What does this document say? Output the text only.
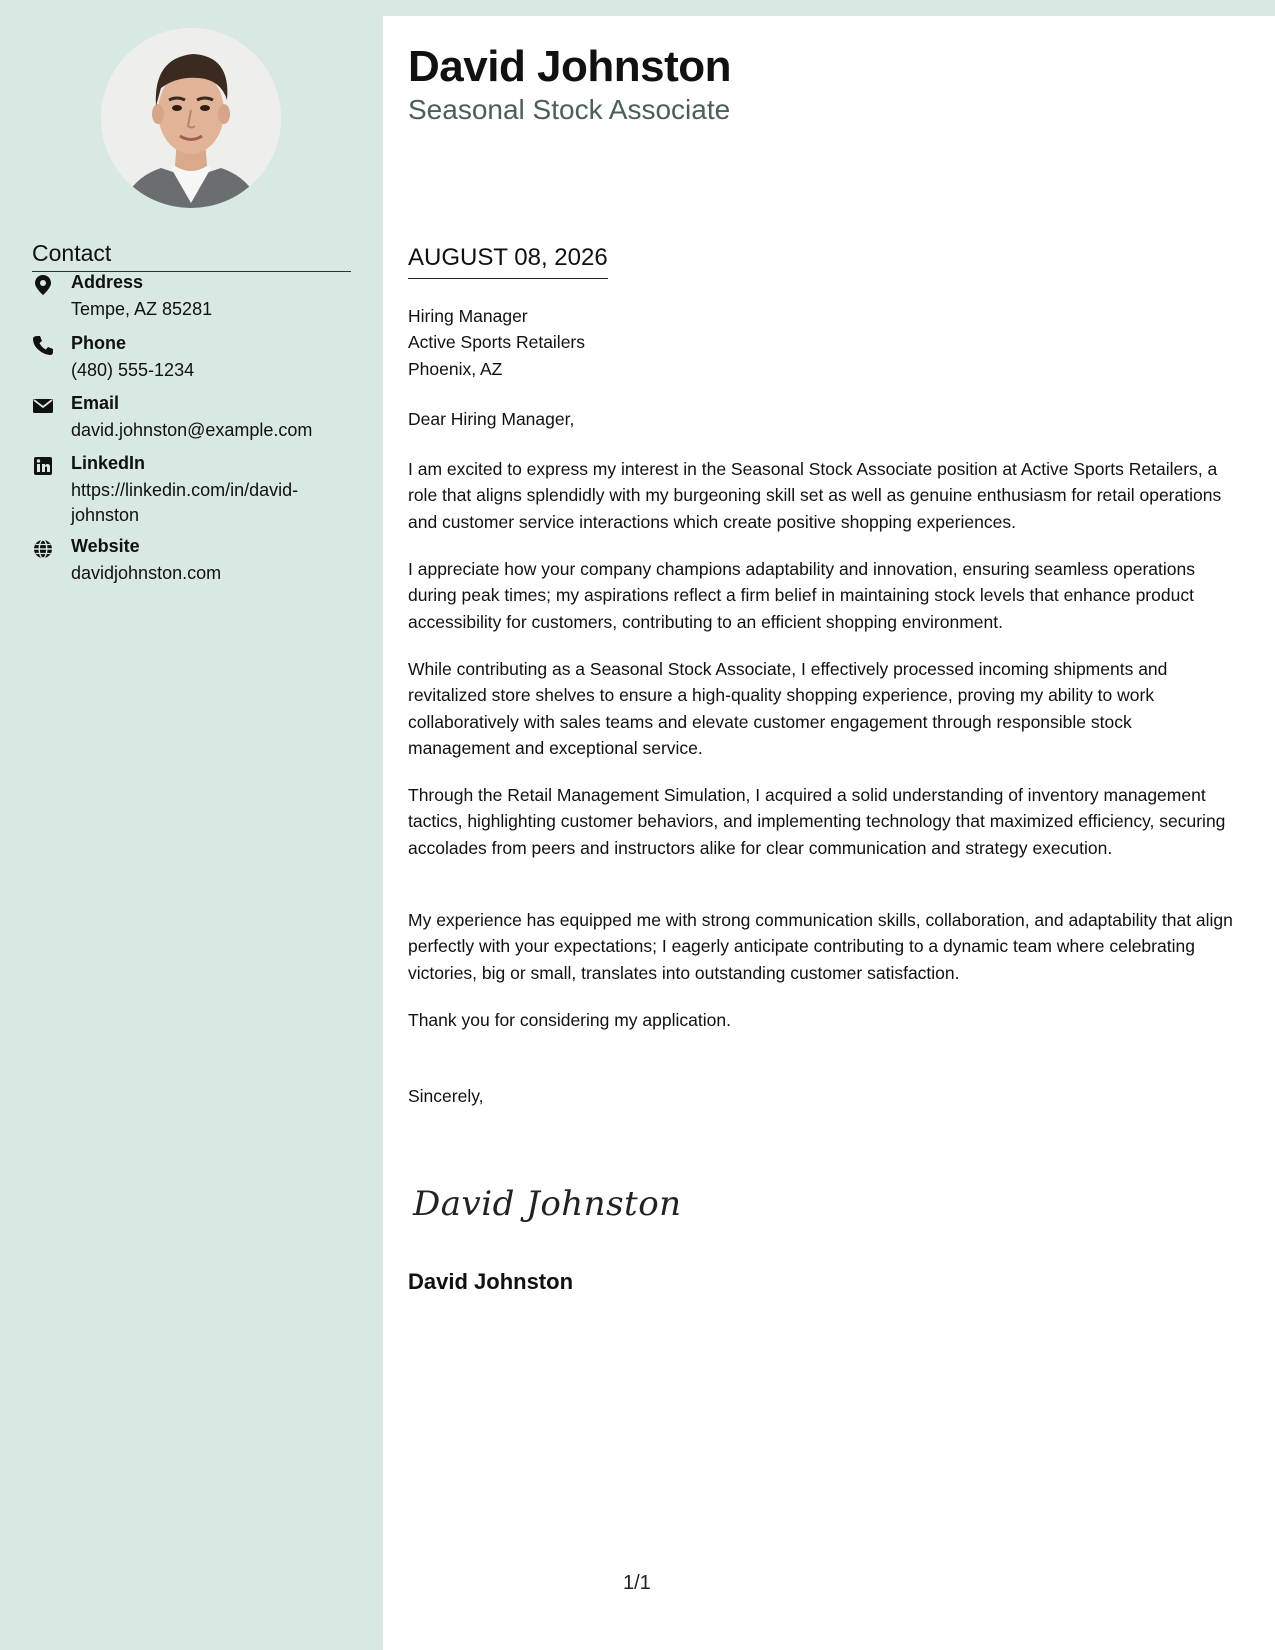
Contact
Address
Tempe, AZ 85281
Phone
(480) 555-1234
Email
david.johnston@example.com
LinkedIn
https://linkedin.com/in/david-johnston
Website
davidjohnston.com
David Johnston
Seasonal Stock Associate
AUGUST 08, 2026
Hiring Manager
Active Sports Retailers
Phoenix, AZ
Dear Hiring Manager,
I am excited to express my interest in the Seasonal Stock Associate position at Active Sports Retailers, a role that aligns splendidly with my burgeoning skill set as well as genuine enthusiasm for retail operations and customer service interactions which create positive shopping experiences.
I appreciate how your company champions adaptability and innovation, ensuring seamless operations during peak times; my aspirations reflect a firm belief in maintaining stock levels that enhance product accessibility for customers, contributing to an efficient shopping environment.
While contributing as a Seasonal Stock Associate, I effectively processed incoming shipments and revitalized store shelves to ensure a high-quality shopping experience, proving my ability to work collaboratively with sales teams and elevate customer engagement through responsible stock management and exceptional service.
Through the Retail Management Simulation, I acquired a solid understanding of inventory management tactics, highlighting customer behaviors, and implementing technology that maximized efficiency, securing accolades from peers and instructors alike for clear communication and strategy execution.
My experience has equipped me with strong communication skills, collaboration, and adaptability that align perfectly with your expectations; I eagerly anticipate contributing to a dynamic team where celebrating victories, big or small, translates into outstanding customer satisfaction.
Thank you for considering my application.
Sincerely,
David Johnston
David Johnston
1/1
